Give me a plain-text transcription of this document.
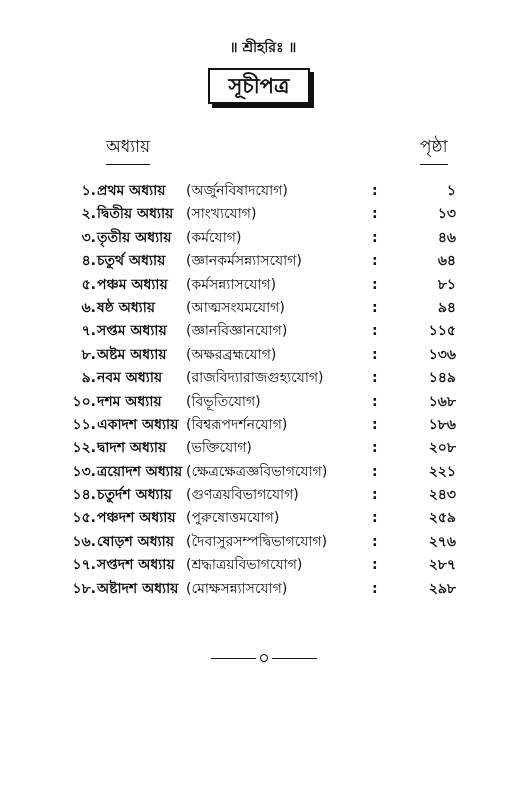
॥ শ্রীহরিঃ ॥
সূচীপত্র
অধ্যায়	পৃষ্ঠা
১. প্রথম অধ্যায় (অর্জুনবিষাদযোগ)	:	১
২. দ্বিতীয় অধ্যায় (সাংখ্যযোগ)	:	১৩
৩. তৃতীয় অধ্যায় (কর্মযোগ)	:	৪৬
৪. চতুর্থ অধ্যায় (জ্ঞানকর্মসন্ন্যাসযোগ)	:	৬৪
৫. পঞ্চম অধ্যায় (কর্মসন্ন্যাসযোগ)	:	৮১
৬. ষষ্ঠ অধ্যায় (আত্মসংযমযোগ)	:	৯৪
৭. সপ্তম অধ্যায় (জ্ঞানবিজ্ঞানযোগ)	:	১১৫
৮. অষ্টম অধ্যায় (অক্ষরব্রহ্মযোগ)	:	১৩৬
৯. নবম অধ্যায় (রাজবিদ্যারাজগুহ্যযোগ)	:	১৪৯
১০. দশম অধ্যায় (বিভূতিযোগ)	:	১৬৮
১১. একাদশ অধ্যায় (বিশ্বরূপদর্শনযোগ)	:	১৮৬
১২. দ্বাদশ অধ্যায় (ভক্তিযোগ)	:	২০৮
১৩. ত্রয়োদশ অধ্যায় (ক্ষেত্রক্ষেত্রজ্ঞবিভাগযোগ)	:	২২১
১৪. চতুর্দশ অধ্যায় (গুণত্রয়বিভাগযোগ)	:	২৪৩
১৫. পঞ্চদশ অধ্যায় (পুরুষোত্তমযোগ)	:	২৫৯
১৬. ষোড়শ অধ্যায় (দৈবাসুরসম্পদ্বিভাগযোগ)	:	২৭৬
১৭. সপ্তদশ অধ্যায় (শ্রদ্ধাত্রয়বিভাগযোগ)	:	২৮৭
১৮. অষ্টাদশ অধ্যায় (মোক্ষসন্ন্যাসযোগ)	:	২৯৮
